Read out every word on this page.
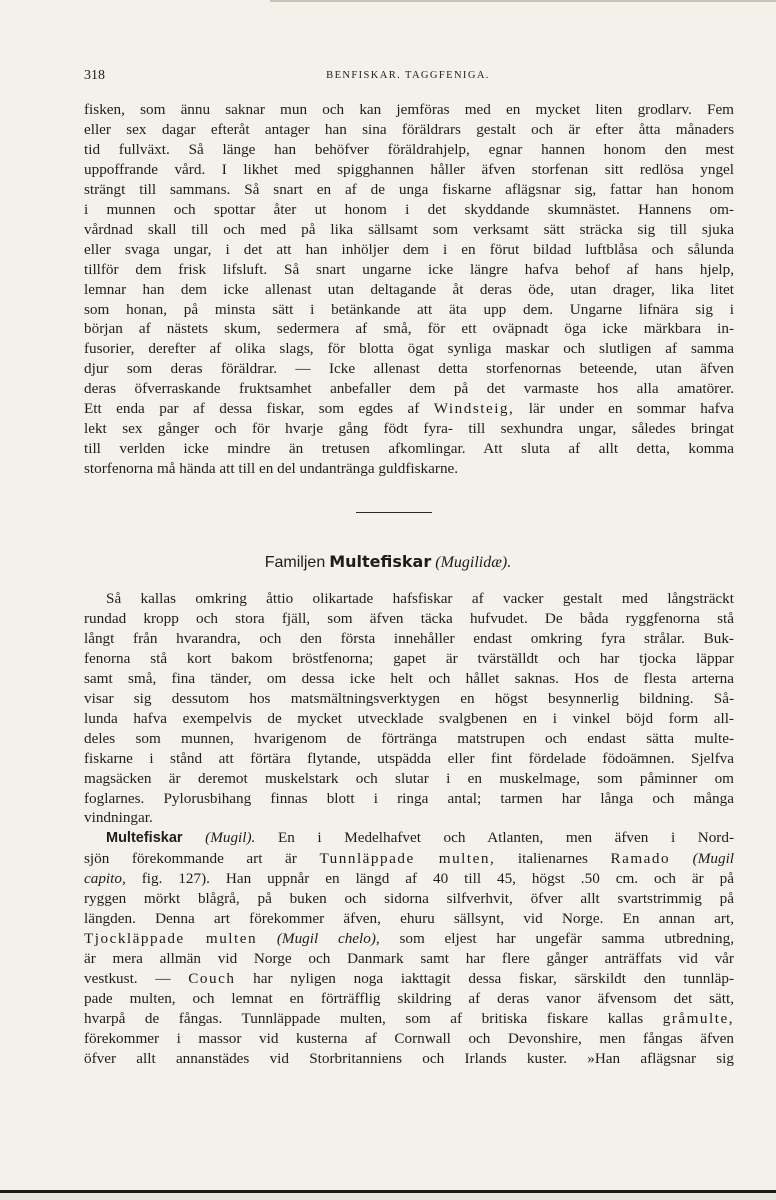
318	BENFISKAR. TAGGFENIGA.
fisken, som ännu saknar mun och kan jemföras med en mycket liten grodlarv. Fem
eller sex dagar efteråt antager han sina föräldrars gestalt och är efter åtta månaders
tid fullväxt. Så länge han behöfver föräldrahjelp, egnar hannen honom den mest
uppoffrande vård. I likhet med spigghannen håller äfven storfenan sitt redlösa yngel
strängt till sammans. Så snart en af de unga fiskarne aflägsnar sig, fattar han honom
i munnen och spottar åter ut honom i det skyddande skumnästet. Hannens om-
vårdnad skall till och med på lika sällsamt som verksamt sätt sträcka sig till sjuka
eller svaga ungar, i det att han inhöljer dem i en förut bildad luftblåsa och sålunda
tillför dem frisk lifsluft. Så snart ungarne icke längre hafva behof af hans hjelp,
lemnar han dem icke allenast utan deltagande åt deras öde, utan drager, lika litet
som honan, på minsta sätt i betänkande att äta upp dem. Ungarne lifnära sig i
början af nästets skum, sedermera af små, för ett oväpnadt öga icke märkbara in-
fusorier, derefter af olika slags, för blotta ögat synliga maskar och slutligen af samma
djur som deras föräldrar. — Icke allenast detta storfenornas beteende, utan äfven
deras öfverraskande fruktsamhet anbefaller dem på det varmaste hos alla amatörer.
Ett enda par af dessa fiskar, som egdes af Windsteig, lär under en sommar hafva
lekt sex gånger och för hvarje gång födt fyra- till sexhundra ungar, således bringat
till verlden icke mindre än tretusen afkomlingar. Att sluta af allt detta, komma
storfenorna må hända att till en del undantränga guldfiskarne.
Familjen Multefiskar (Mugilidæ).
Så kallas omkring åttio olikartade hafsfiskar af vacker gestalt med långsträckt
rundad kropp och stora fjäll, som äfven täcka hufvudet. De båda ryggfenorna stå
långt från hvarandra, och den första innehåller endast omkring fyra strålar. Buk-
fenorna stå kort bakom bröstfenorna; gapet är tvärställdt och har tjocka läppar
samt små, fina tänder, om dessa icke helt och hållet saknas. Hos de flesta arterna
visar sig dessutom hos matsmältningsverktygen en högst besynnerlig bildning. Så-
lunda hafva exempelvis de mycket utvecklade svalgbenen en i vinkel böjd form all-
deles som munnen, hvarigenom de förtränga matstrupen och endast sätta multe-
fiskarne i stånd att förtära flytande, utspädda eller fint fördelade födoämnen. Sjelfva
magsäcken är deremot muskelstark och slutar i en muskelmage, som påminner om
foglarnes. Pylorusbihang finnas blott i ringa antal; tarmen har långa och många
vindningar.
Multefiskar (Mugil). En i Medelhafvet och Atlanten, men äfven i Nord-
sjön förekommande art är Tunnläppade multen, italienarnes Ramado (Mugil
capito, fig. 127). Han uppnår en längd af 40 till 45, högst .50 cm. och är på
ryggen mörkt blågrå, på buken och sidorna silfverhvit, öfver allt svartstrimmig på
längden. Denna art förekommer äfven, ehuru sällsynt, vid Norge. En annan art,
Tjockläppade multen (Mugil chelo), som eljest har ungefär samma utbredning,
är mera allmän vid Norge och Danmark samt har flere gånger anträffats vid vår
vestkust. — Couch har nyligen noga iakttagit dessa fiskar, särskildt den tunnläp-
pade multen, och lemnat en förträfflig skildring af deras vanor äfvensom det sätt,
hvarpå de fångas. Tunnläppade multen, som af britiska fiskare kallas gråmulte,
förekommer i massor vid kusterna af Cornwall och Devonshire, men fångas äfven
öfver allt annanstädes vid Storbritanniens och Irlands kuster. »Han aflägsnar sig
